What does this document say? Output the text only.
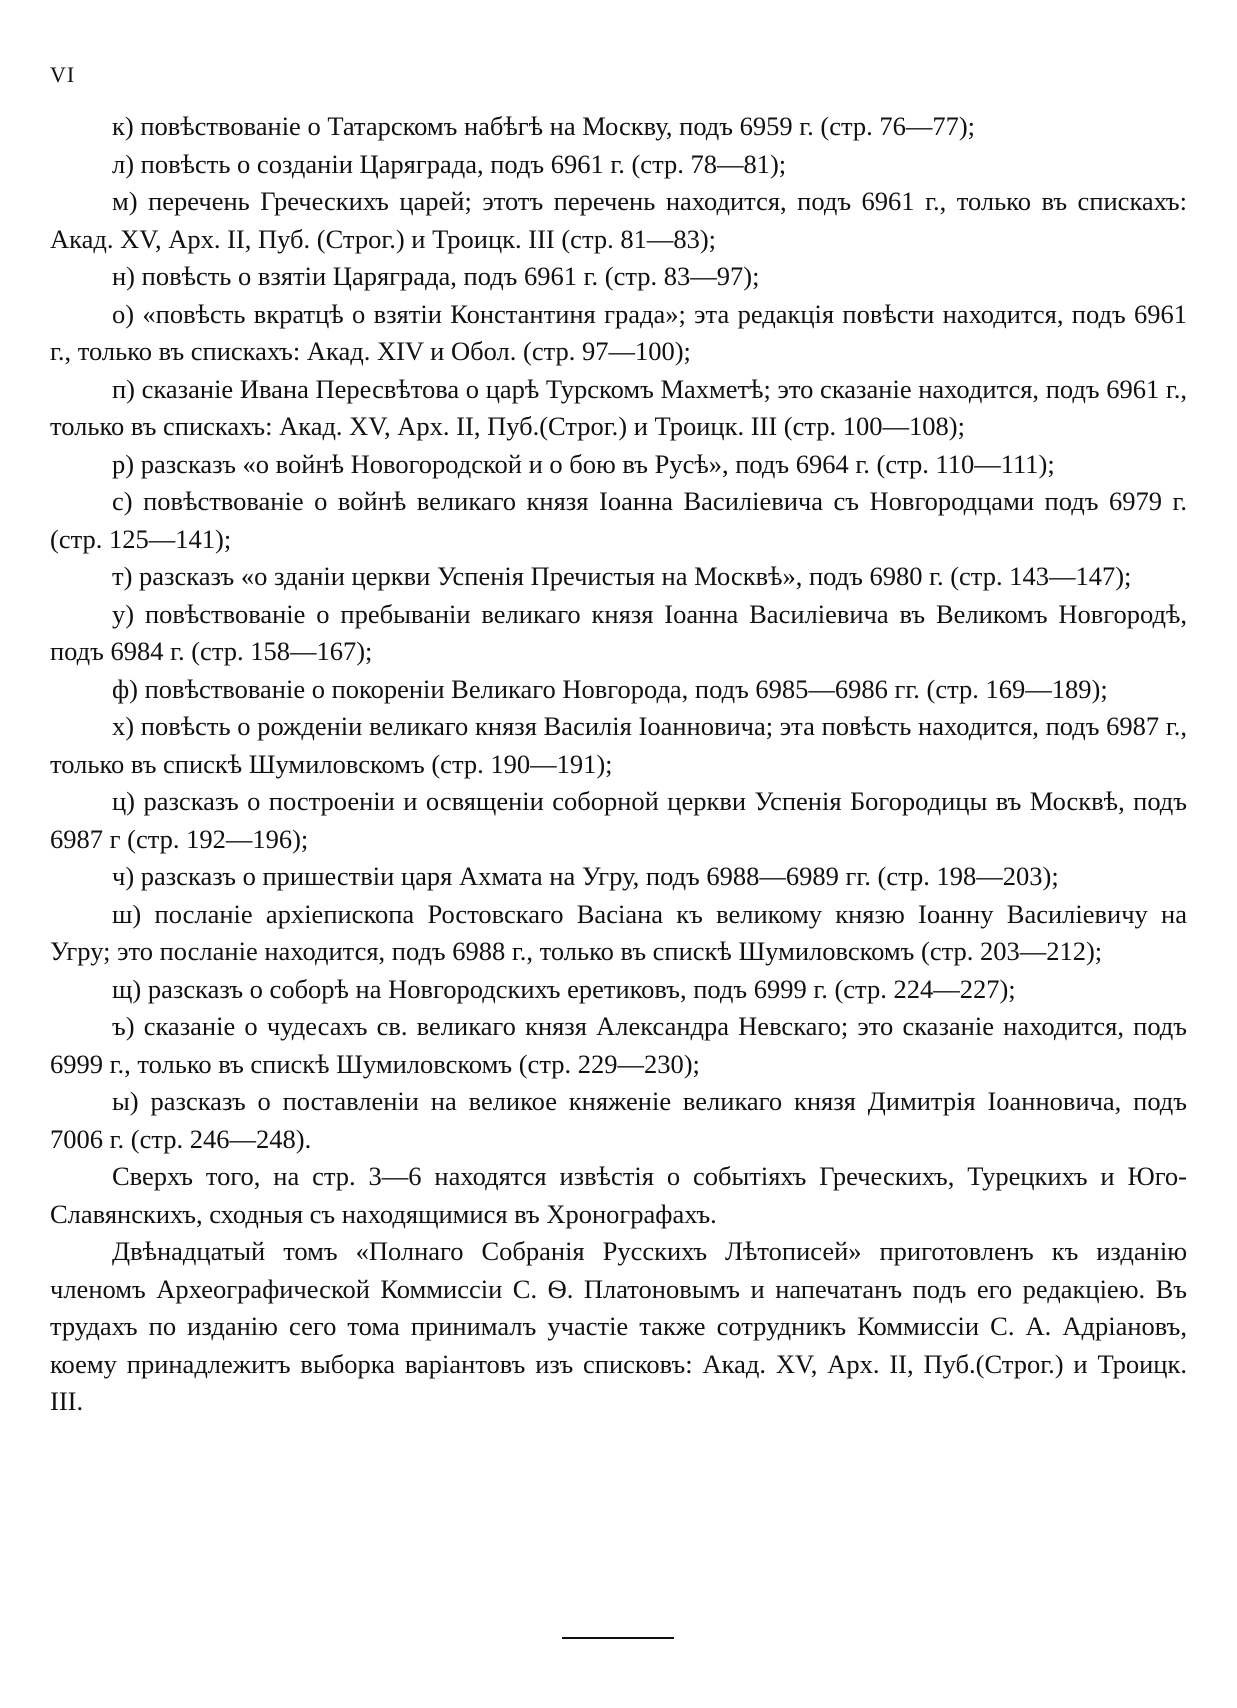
VI

к) повѣствованіе о Татарскомъ набѣгѣ на Москву, подъ 6959 г. (стр. 76—77);

л) повѣсть о созданіи Царяграда, подъ 6961 г. (стр. 78—81);

м) перечень Греческихъ царей; этотъ перечень находится, подъ 6961 г., только въ спискахъ: Акад. XV, Арх. II, Пуб. (Строг.) и Троицк. III (стр. 81—83);

н) повѣсть о взятіи Царяграда, подъ 6961 г. (стр. 83—97);

о) «повѣсть вкратцѣ о взятіи Константиня града»; эта редакція повѣсти находится, подъ 6961 г., только въ спискахъ: Акад. XIV и Обол. (стр. 97—100);

п) сказаніе Ивана Пересвѣтова о царѣ Турскомъ Махметѣ; это сказаніе находится, подъ 6961 г., только въ спискахъ: Акад. XV, Арх. II, Пуб.(Строг.) и Троицк. III (стр. 100—108);

р) разсказъ «о войнѣ Новогородской и о бою въ Русѣ», подъ 6964 г. (стр. 110—111);

с) повѣствованіе о войнѣ великаго князя Іоанна Василіевича съ Новгородцами подъ 6979 г. (стр. 125—141);

т) разсказъ «о зданіи церкви Успенія Пречистыя на Москвѣ», подъ 6980 г. (стр. 143—147);

у) повѣствованіе о пребываніи великаго князя Іоанна Василіевича въ Великомъ Новгородѣ, подъ 6984 г. (стр. 158—167);

ф) повѣствованіе о покореніи Великаго Новгорода, подъ 6985—6986 гг. (стр. 169—189);

х) повѣсть о рожденіи великаго князя Василія Іоанновича; эта повѣсть находится, подъ 6987 г., только въ спискѣ Шумиловскомъ (стр. 190—191);

ц) разсказъ о построеніи и освященіи соборной церкви Успенія Богородицы въ Москвѣ, подъ 6987 г (стр. 192—196);

ч) разсказъ о пришествіи царя Ахмата на Угру, подъ 6988—6989 гг. (стр. 198—203);

ш) посланіе архіепископа Ростовскаго Васіана къ великому князю Іоанну Василіевичу на Угру; это посланіе находится, подъ 6988 г., только въ спискѣ Шумиловскомъ (стр. 203—212);

щ) разсказъ о соборѣ на Новгородскихъ еретиковъ, подъ 6999 г. (стр. 224—227);

ъ) сказаніе о чудесахъ св. великаго князя Александра Невскаго; это сказаніе находится, подъ 6999 г., только въ спискѣ Шумиловскомъ (стр. 229—230);

ы) разсказъ о поставленіи на великое княженіе великаго князя Димитрія Іоанновича, подъ 7006 г. (стр. 246—248).

Сверхъ того, на стр. 3—6 находятся извѣстія о событіяхъ Греческихъ, Турецкихъ и Юго-Славянскихъ, сходныя съ находящимися въ Хронографахъ.

Двѣнадцатый томъ «Полнаго Собранія Русскихъ Лѣтописей» приготовленъ къ изданію членомъ Археографической Коммиссіи С. Ѳ. Платоновымъ и напечатанъ подъ его редакціею. Въ трудахъ по изданію сего тома принималъ участіе также сотрудникъ Коммиссіи С. А. Адріановъ, коему принадлежитъ выборка варіантовъ изъ списковъ: Акад. XV, Арх. II, Пуб.(Строг.) и Троицк. III.
